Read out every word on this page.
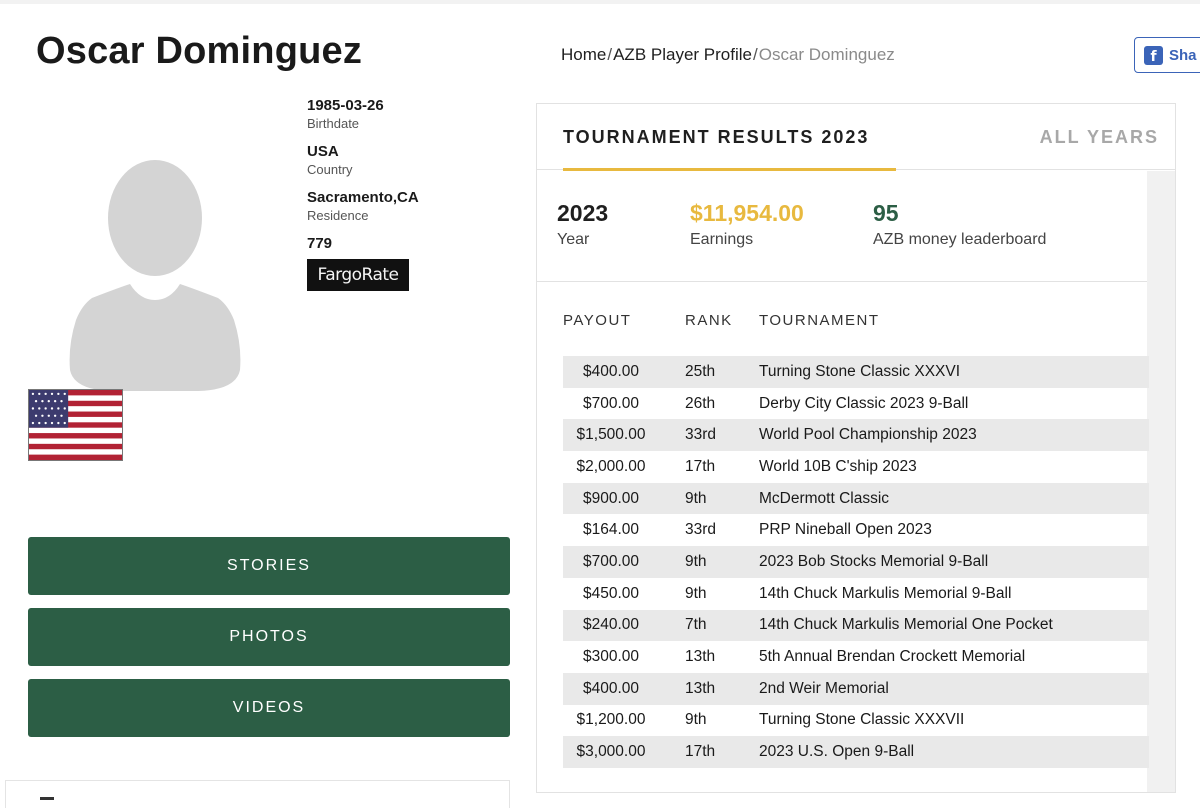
Oscar Dominguez	Home/AZB Player Profile/Oscar Dominguez	f Sha
1985-03-26
Birthdate
USA
Country
Sacramento,CA
Residence
779
FargoRate
STORIES
PHOTOS
VIDEOS
TOURNAMENT RESULTS 2023	ALL YEARS
2023
Year
$11,954.00
Earnings
95
AZB money leaderboard
PAYOUT	RANK	TOURNAMENT
$400.00	25th	Turning Stone Classic XXXVI
$700.00	26th	Derby City Classic 2023 9-Ball
$1,500.00	33rd	World Pool Championship 2023
$2,000.00	17th	World 10B C'ship 2023
$900.00	9th	McDermott Classic
$164.00	33rd	PRP Nineball Open 2023
$700.00	9th	2023 Bob Stocks Memorial 9-Ball
$450.00	9th	14th Chuck Markulis Memorial 9-Ball
$240.00	7th	14th Chuck Markulis Memorial One Pocket
$300.00	13th	5th Annual Brendan Crockett Memorial
$400.00	13th	2nd Weir Memorial
$1,200.00	9th	Turning Stone Classic XXXVII
$3,000.00	17th	2023 U.S. Open 9-Ball
